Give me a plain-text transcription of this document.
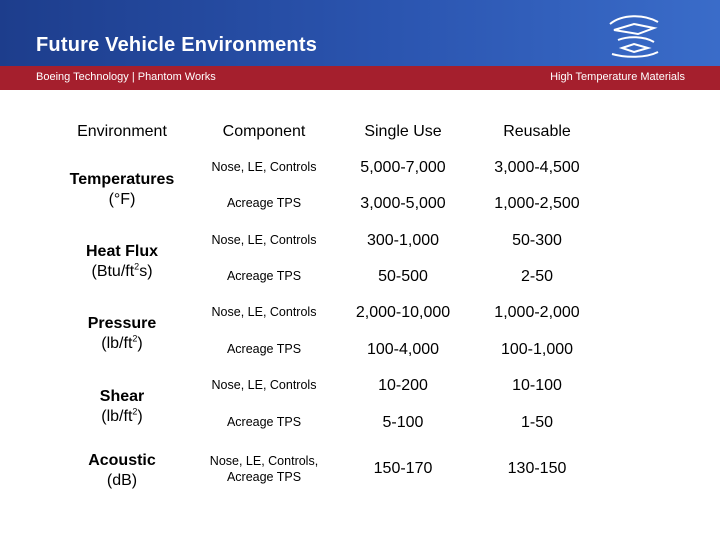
Future Vehicle Environments
Boeing Technology | Phantom Works	High Temperature Materials
Environment	Component	Single Use	Reusable
Temperatures
(°F)
Nose, LE, Controls	5,000-7,000	3,000-4,500
Acreage TPS	3,000-5,000	1,000-2,500
Heat Flux
$(Btu/ft^2s)$
Nose, LE, Controls	300-1,000	50-300
Acreage TPS	50-500	2-50
Pressure
$(lb/ft^2)$
Nose, LE, Controls	2,000-10,000	1,000-2,000
Acreage TPS	100-4,000	100-1,000
Shear
$(lb/ft^2)$
Nose, LE, Controls	10-200	10-100
Acreage TPS	5-100	1-50
Acoustic
(dB)
Nose, LE, Controls,
Acreage TPS	150-170	130-150
